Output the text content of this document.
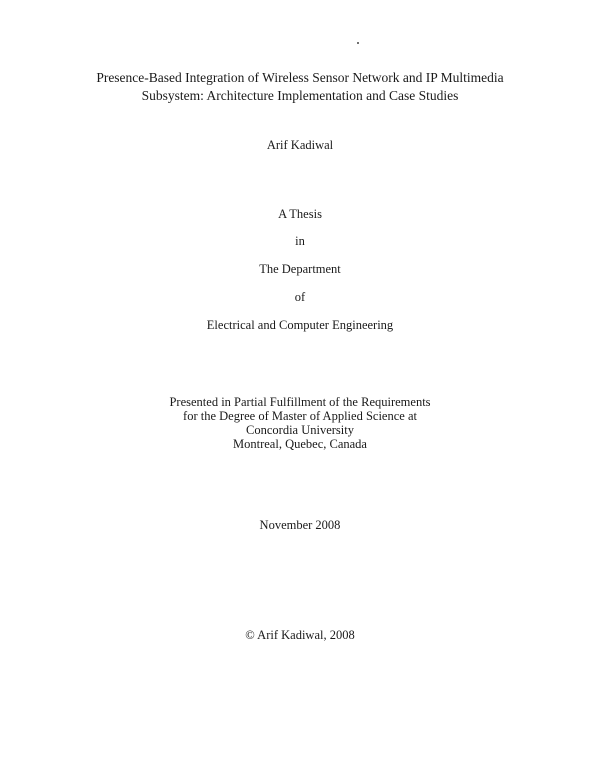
Presence-Based Integration of Wireless Sensor Network and IP Multimedia
Subsystem: Architecture Implementation and Case Studies
Arif Kadiwal
A Thesis
in
The Department
of
Electrical and Computer Engineering
Presented in Partial Fulfillment of the Requirements
for the Degree of Master of Applied Science at
Concordia University
Montreal, Quebec, Canada
November 2008
© Arif Kadiwal, 2008
